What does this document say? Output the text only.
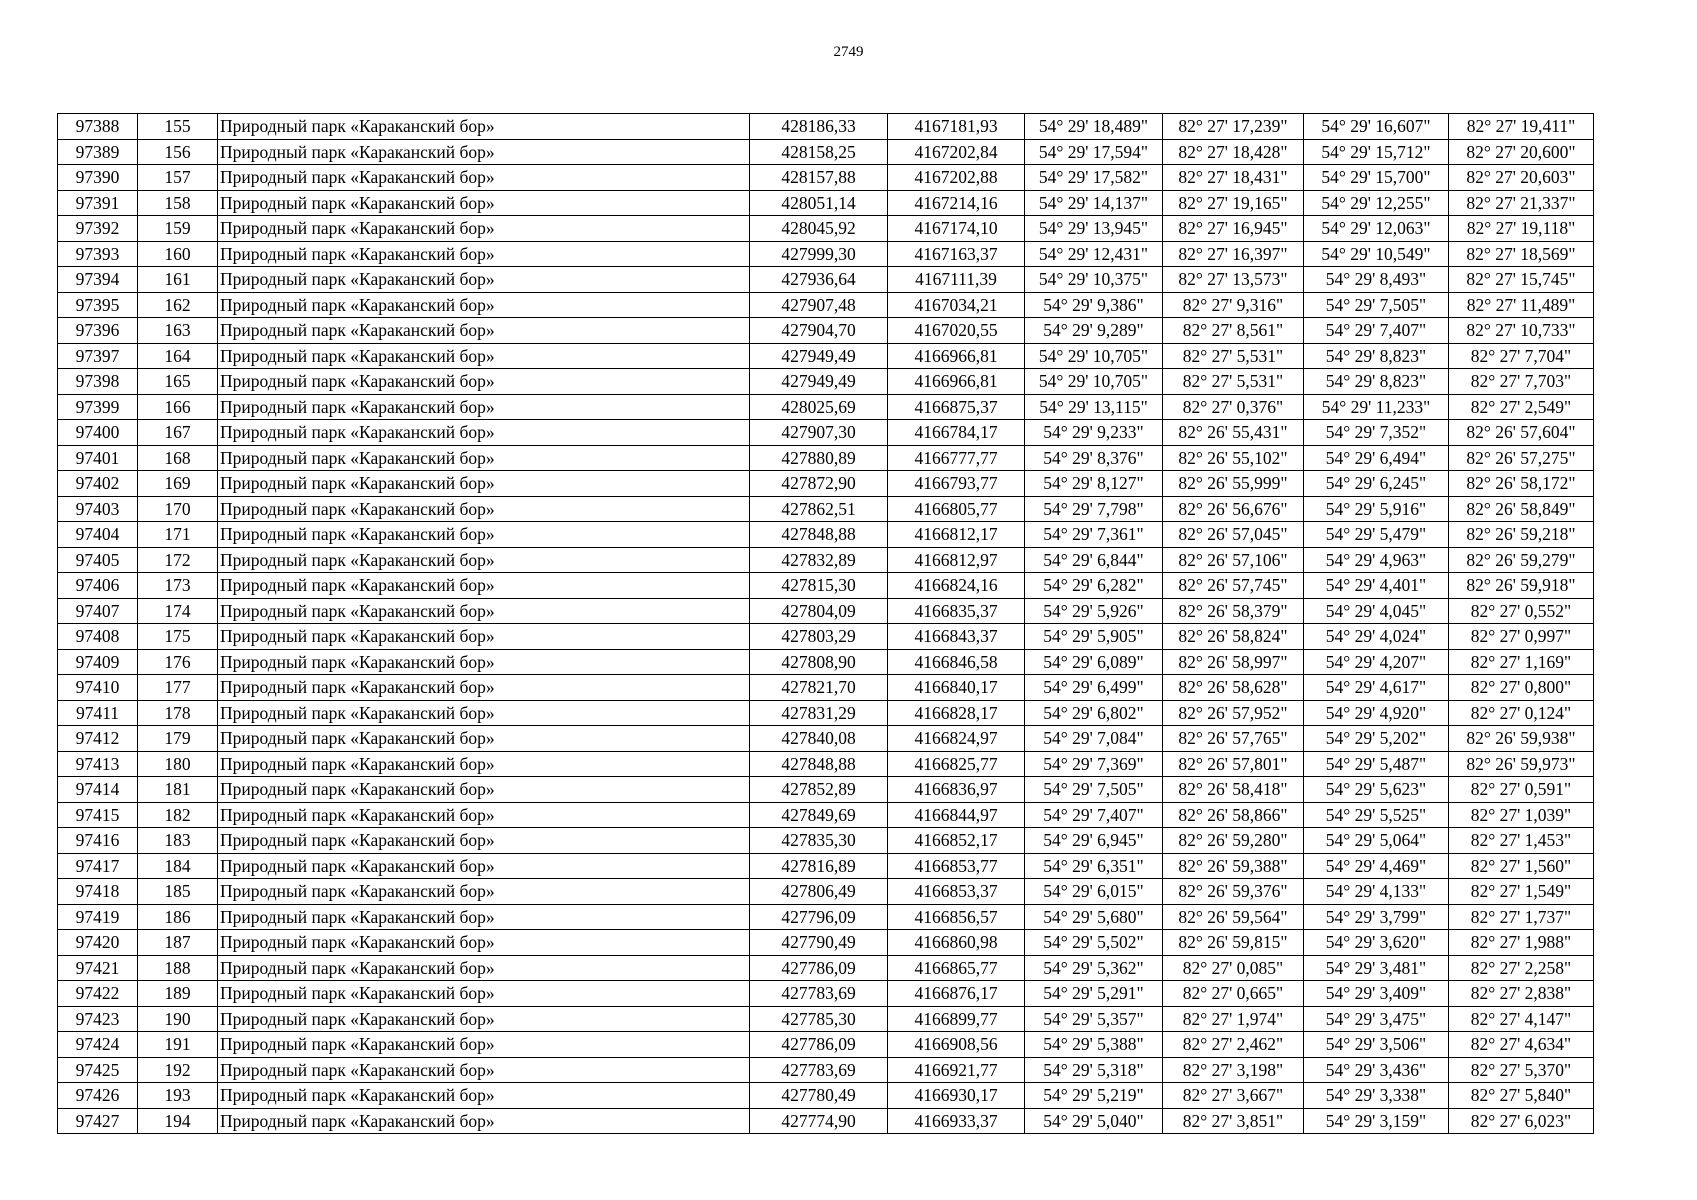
2749
97388	155	Природный парк «Караканский бор»	428186,33	4167181,93	54° 29' 18,489"	82° 27' 17,239"	54° 29' 16,607"	82° 27' 19,411"
97389	156	Природный парк «Караканский бор»	428158,25	4167202,84	54° 29' 17,594"	82° 27' 18,428"	54° 29' 15,712"	82° 27' 20,600"
97390	157	Природный парк «Караканский бор»	428157,88	4167202,88	54° 29' 17,582"	82° 27' 18,431"	54° 29' 15,700"	82° 27' 20,603"
97391	158	Природный парк «Караканский бор»	428051,14	4167214,16	54° 29' 14,137"	82° 27' 19,165"	54° 29' 12,255"	82° 27' 21,337"
97392	159	Природный парк «Караканский бор»	428045,92	4167174,10	54° 29' 13,945"	82° 27' 16,945"	54° 29' 12,063"	82° 27' 19,118"
97393	160	Природный парк «Караканский бор»	427999,30	4167163,37	54° 29' 12,431"	82° 27' 16,397"	54° 29' 10,549"	82° 27' 18,569"
97394	161	Природный парк «Караканский бор»	427936,64	4167111,39	54° 29' 10,375"	82° 27' 13,573"	54° 29' 8,493"	82° 27' 15,745"
97395	162	Природный парк «Караканский бор»	427907,48	4167034,21	54° 29' 9,386"	82° 27' 9,316"	54° 29' 7,505"	82° 27' 11,489"
97396	163	Природный парк «Караканский бор»	427904,70	4167020,55	54° 29' 9,289"	82° 27' 8,561"	54° 29' 7,407"	82° 27' 10,733"
97397	164	Природный парк «Караканский бор»	427949,49	4166966,81	54° 29' 10,705"	82° 27' 5,531"	54° 29' 8,823"	82° 27' 7,704"
97398	165	Природный парк «Караканский бор»	427949,49	4166966,81	54° 29' 10,705"	82° 27' 5,531"	54° 29' 8,823"	82° 27' 7,703"
97399	166	Природный парк «Караканский бор»	428025,69	4166875,37	54° 29' 13,115"	82° 27' 0,376"	54° 29' 11,233"	82° 27' 2,549"
97400	167	Природный парк «Караканский бор»	427907,30	4166784,17	54° 29' 9,233"	82° 26' 55,431"	54° 29' 7,352"	82° 26' 57,604"
97401	168	Природный парк «Караканский бор»	427880,89	4166777,77	54° 29' 8,376"	82° 26' 55,102"	54° 29' 6,494"	82° 26' 57,275"
97402	169	Природный парк «Караканский бор»	427872,90	4166793,77	54° 29' 8,127"	82° 26' 55,999"	54° 29' 6,245"	82° 26' 58,172"
97403	170	Природный парк «Караканский бор»	427862,51	4166805,77	54° 29' 7,798"	82° 26' 56,676"	54° 29' 5,916"	82° 26' 58,849"
97404	171	Природный парк «Караканский бор»	427848,88	4166812,17	54° 29' 7,361"	82° 26' 57,045"	54° 29' 5,479"	82° 26' 59,218"
97405	172	Природный парк «Караканский бор»	427832,89	4166812,97	54° 29' 6,844"	82° 26' 57,106"	54° 29' 4,963"	82° 26' 59,279"
97406	173	Природный парк «Караканский бор»	427815,30	4166824,16	54° 29' 6,282"	82° 26' 57,745"	54° 29' 4,401"	82° 26' 59,918"
97407	174	Природный парк «Караканский бор»	427804,09	4166835,37	54° 29' 5,926"	82° 26' 58,379"	54° 29' 4,045"	82° 27' 0,552"
97408	175	Природный парк «Караканский бор»	427803,29	4166843,37	54° 29' 5,905"	82° 26' 58,824"	54° 29' 4,024"	82° 27' 0,997"
97409	176	Природный парк «Караканский бор»	427808,90	4166846,58	54° 29' 6,089"	82° 26' 58,997"	54° 29' 4,207"	82° 27' 1,169"
97410	177	Природный парк «Караканский бор»	427821,70	4166840,17	54° 29' 6,499"	82° 26' 58,628"	54° 29' 4,617"	82° 27' 0,800"
97411	178	Природный парк «Караканский бор»	427831,29	4166828,17	54° 29' 6,802"	82° 26' 57,952"	54° 29' 4,920"	82° 27' 0,124"
97412	179	Природный парк «Караканский бор»	427840,08	4166824,97	54° 29' 7,084"	82° 26' 57,765"	54° 29' 5,202"	82° 26' 59,938"
97413	180	Природный парк «Караканский бор»	427848,88	4166825,77	54° 29' 7,369"	82° 26' 57,801"	54° 29' 5,487"	82° 26' 59,973"
97414	181	Природный парк «Караканский бор»	427852,89	4166836,97	54° 29' 7,505"	82° 26' 58,418"	54° 29' 5,623"	82° 27' 0,591"
97415	182	Природный парк «Караканский бор»	427849,69	4166844,97	54° 29' 7,407"	82° 26' 58,866"	54° 29' 5,525"	82° 27' 1,039"
97416	183	Природный парк «Караканский бор»	427835,30	4166852,17	54° 29' 6,945"	82° 26' 59,280"	54° 29' 5,064"	82° 27' 1,453"
97417	184	Природный парк «Караканский бор»	427816,89	4166853,77	54° 29' 6,351"	82° 26' 59,388"	54° 29' 4,469"	82° 27' 1,560"
97418	185	Природный парк «Караканский бор»	427806,49	4166853,37	54° 29' 6,015"	82° 26' 59,376"	54° 29' 4,133"	82° 27' 1,549"
97419	186	Природный парк «Караканский бор»	427796,09	4166856,57	54° 29' 5,680"	82° 26' 59,564"	54° 29' 3,799"	82° 27' 1,737"
97420	187	Природный парк «Караканский бор»	427790,49	4166860,98	54° 29' 5,502"	82° 26' 59,815"	54° 29' 3,620"	82° 27' 1,988"
97421	188	Природный парк «Караканский бор»	427786,09	4166865,77	54° 29' 5,362"	82° 27' 0,085"	54° 29' 3,481"	82° 27' 2,258"
97422	189	Природный парк «Караканский бор»	427783,69	4166876,17	54° 29' 5,291"	82° 27' 0,665"	54° 29' 3,409"	82° 27' 2,838"
97423	190	Природный парк «Караканский бор»	427785,30	4166899,77	54° 29' 5,357"	82° 27' 1,974"	54° 29' 3,475"	82° 27' 4,147"
97424	191	Природный парк «Караканский бор»	427786,09	4166908,56	54° 29' 5,388"	82° 27' 2,462"	54° 29' 3,506"	82° 27' 4,634"
97425	192	Природный парк «Караканский бор»	427783,69	4166921,77	54° 29' 5,318"	82° 27' 3,198"	54° 29' 3,436"	82° 27' 5,370"
97426	193	Природный парк «Караканский бор»	427780,49	4166930,17	54° 29' 5,219"	82° 27' 3,667"	54° 29' 3,338"	82° 27' 5,840"
97427	194	Природный парк «Караканский бор»	427774,90	4166933,37	54° 29' 5,040"	82° 27' 3,851"	54° 29' 3,159"	82° 27' 6,023"
